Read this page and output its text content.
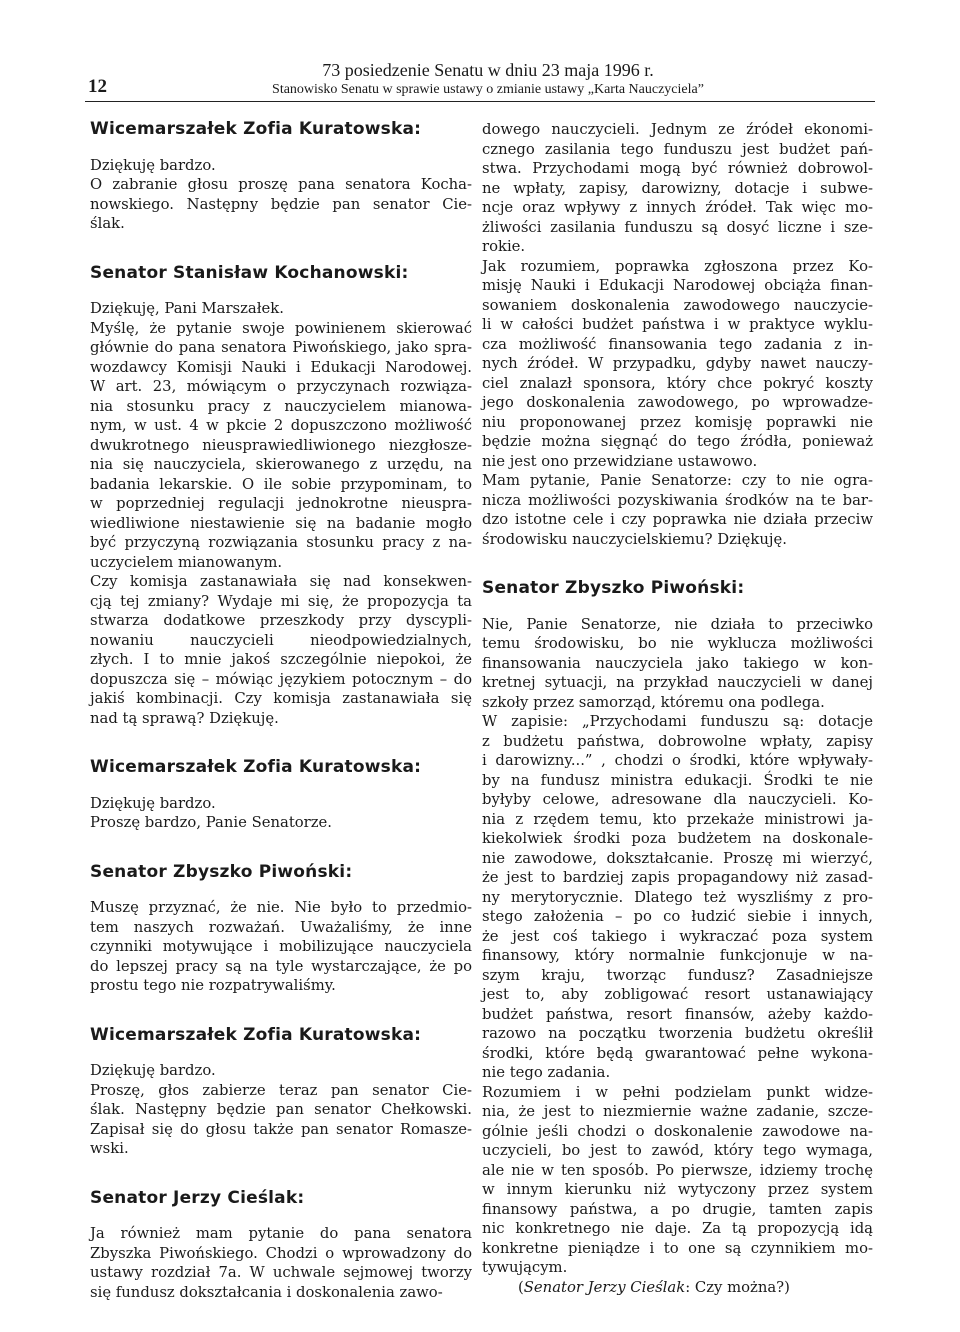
12
73 posiedzenie Senatu w dniu 23 maja 1996 r.
Stanowisko Senatu w sprawie ustawy o zmianie ustawy „Karta Nauczyciela”
Wicemarszałek Zofia Kuratowska:
Dziękuję bardzo.
O zabranie głosu proszę pana senatora Kocha-
nowskiego. Następny będzie pan senator Cie-
ślak.
Senator Stanisław Kochanowski:
Dziękuję, Pani Marszałek.
Myślę, że pytanie swoje powinienem skierować
głównie do pana senatora Piwońskiego, jako spra-
wozdawcy Komisji Nauki i Edukacji Narodowej.
W art. 23, mówiącym o przyczynach rozwiąza-
nia stosunku pracy z nauczycielem mianowa-
nym, w ust. 4 w pkcie 2 dopuszczono możliwość
dwukrotnego nieusprawiedliwionego niezgłosze-
nia się nauczyciela, skierowanego z urzędu, na
badania lekarskie. O ile sobie przypominam, to
w poprzedniej regulacji jednokrotne nieuspra-
wiedliwione niestawienie się na badanie mogło
być przyczyną rozwiązania stosunku pracy z na-
uczycielem mianowanym.
Czy komisja zastanawiała się nad konsekwen-
cją tej zmiany? Wydaje mi się, że propozycja ta
stwarza dodatkowe przeszkody przy dyscypli-
nowaniu nauczycieli nieodpowiedzialnych,
złych. I to mnie jakoś szczególnie niepokoi, że
dopuszcza się – mówiąc językiem potocznym – do
jakiś kombinacji. Czy komisja zastanawiała się
nad tą sprawą? Dziękuję.
Wicemarszałek Zofia Kuratowska:
Dziękuję bardzo.
Proszę bardzo, Panie Senatorze.
Senator Zbyszko Piwoński:
Muszę przyznać, że nie. Nie było to przedmio-
tem naszych rozważań. Uważaliśmy, że inne
czynniki motywujące i mobilizujące nauczyciela
do lepszej pracy są na tyle wystarczające, że po
prostu tego nie rozpatrywaliśmy.
Wicemarszałek Zofia Kuratowska:
Dziękuję bardzo.
Proszę, głos zabierze teraz pan senator Cie-
ślak. Następny będzie pan senator Chełkowski.
Zapisał się do głosu także pan senator Romasze-
wski.
Senator Jerzy Cieślak:
Ja również mam pytanie do pana senatora
Zbyszka Piwońskiego. Chodzi o wprowadzony do
ustawy rozdział 7a. W uchwale sejmowej tworzy
się fundusz dokształcania i doskonalenia zawo-
dowego nauczycieli. Jednym ze źródeł ekonomi-
cznego zasilania tego funduszu jest budżet pań-
stwa. Przychodami mogą być również dobrowol-
ne wpłaty, zapisy, darowizny, dotacje i subwe-
ncje oraz wpływy z innych źródeł. Tak więc mo-
żliwości zasilania funduszu są dosyć liczne i sze-
rokie.
Jak rozumiem, poprawka zgłoszona przez Ko-
misję Nauki i Edukacji Narodowej obciąża finan-
sowaniem doskonalenia zawodowego nauczycie-
li w całości budżet państwa i w praktyce wyklu-
cza możliwość finansowania tego zadania z in-
nych źródeł. W przypadku, gdyby nawet nauczy-
ciel znalazł sponsora, który chce pokryć koszty
jego doskonalenia zawodowego, po wprowadze-
niu proponowanej przez komisję poprawki nie
będzie można sięgnąć do tego źródła, ponieważ
nie jest ono przewidziane ustawowo.
Mam pytanie, Panie Senatorze: czy to nie ogra-
nicza możliwości pozyskiwania środków na te bar-
dzo istotne cele i czy poprawka nie działa przeciw
środowisku nauczycielskiemu? Dziękuję.
Senator Zbyszko Piwoński:
Nie, Panie Senatorze, nie działa to przeciwko
temu środowisku, bo nie wyklucza możliwości
finansowania nauczyciela jako takiego w kon-
kretnej sytuacji, na przykład nauczycieli w danej
szkoły przez samorząd, któremu ona podlega.
W zapisie: „Przychodami funduszu są: dotacje
z budżetu państwa, dobrowolne wpłaty, zapisy
i darowizny...” , chodzi o środki, które wpływały-
by na fundusz ministra edukacji. Środki te nie
byłyby celowe, adresowane dla nauczycieli. Ko-
nia z rzędem temu, kto przekaże ministrowi ja-
kiekolwiek środki poza budżetem na doskonale-
nie zawodowe, dokształcanie. Proszę mi wierzyć,
że jest to bardziej zapis propagandowy niż zasad-
ny merytorycznie. Dlatego też wyszliśmy z pro-
stego założenia – po co łudzić siebie i innych,
że jest coś takiego i wykraczać poza system
finansowy, który normalnie funkcjonuje w na-
szym kraju, tworząc fundusz? Zasadniejsze
jest to, aby zobligować resort ustanawiający
budżet państwa, resort finansów, ażeby każdo-
razowo na początku tworzenia budżetu określił
środki, które będą gwarantować pełne wykona-
nie tego zadania.
Rozumiem i w pełni podzielam punkt widze-
nia, że jest to niezmiernie ważne zadanie, szcze-
gólnie jeśli chodzi o doskonalenie zawodowe na-
uczycieli, bo jest to zawód, który tego wymaga,
ale nie w ten sposób. Po pierwsze, idziemy trochę
w innym kierunku niż wytyczony przez system
finansowy państwa, a po drugie, tamten zapis
nic konkretnego nie daje. Za tą propozycją idą
konkretne pieniądze i to one są czynnikiem mo-
tywującym.
(Senator Jerzy Cieślak: Czy można?)
